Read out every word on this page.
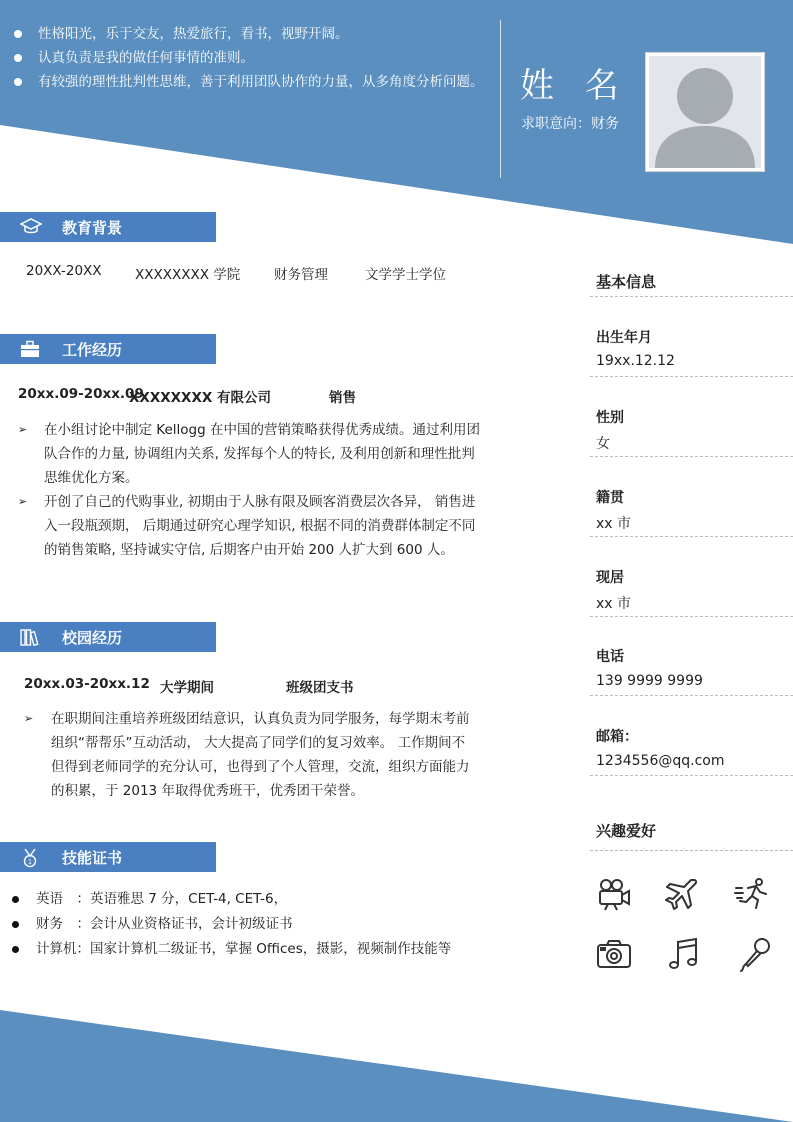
性格阳光，乐于交友，热爱旅行，看书，视野开阔。
认真负责是我的做任何事情的准则。
有较强的理性批判性思维，善于利用团队协作的力量，从多角度分析问题。 姓 名
求职意向：财务
教育背景
20XX-20XX XXXXXXXX 学院 财务管理	文学学士学位
工作经历
20xx.09-20xx.09
XXXXXXXX 有限公司	销售
➢ 在小组讨论中制定 Kellogg 在中国的营销策略获得优秀成绩。通过利用团队合作的力量, 协调组内关系, 发挥每个人的特长, 及利用创新和理性批判思维优化方案。
➢ 开创了自己的代购事业, 初期由于人脉有限及顾客消费层次各异， 销售进入一段瓶颈期， 后期通过研究心理学知识, 根据不同的消费群体制定不同的销售策略, 坚持诚实守信, 后期客户由开始 200 人扩大到 600 人。
校园经历
20xx.03-20xx.12 大学期间	班级团支书
➢ 在职期间注重培养班级团结意识，认真负责为同学服务，每学期末考前组织“帮帮乐”互动活动， 大大提高了同学们的复习效率。 工作期间不但得到老师同学的充分认可，也得到了个人管理，交流，组织方面能力的积累，于 2013 年取得优秀班干，优秀团干荣誉。
1 技能证书
英语　：英语雅思 7 分，CET-4, CET-6，
财务　：会计从业资格证书，会计初级证书
计算机：国家计算机二级证书，掌握 Offices，摄影，视频制作技能等
基本信息
出生年月
19xx.12.12
性别
女
籍贯
xx 市
现居
xx 市
电话
139 9999 9999
邮箱：
1234556@qq.com
兴趣爱好
